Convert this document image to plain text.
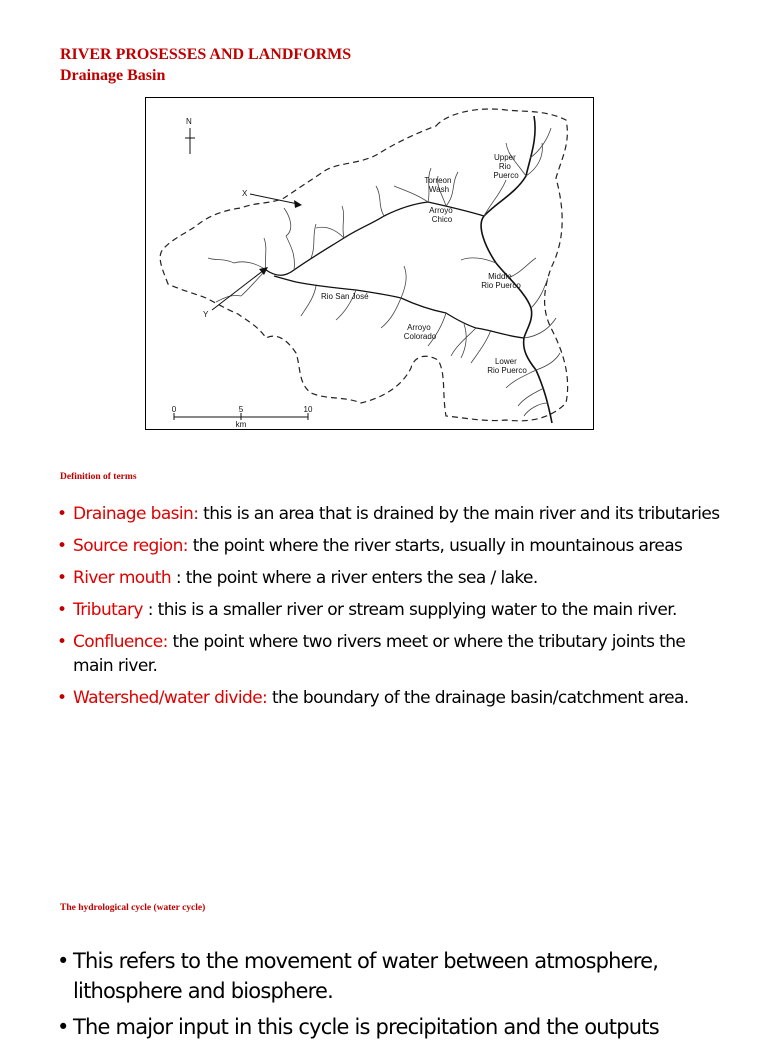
RIVER PROSESSES AND LANDFORMS
Drainage Basin
N
X
Y
Upper Rio Puerco
Torreon Wash
Arroyo Chico
Middle Rio Puerco
Rio San José
Arroyo Colorado
Lower Rio Puerco
0	5	10
km

Definition of terms

• Drainage basin: this is an area that is drained by the main river and its tributaries
• Source region: the point where the river starts, usually in mountainous areas
• River mouth : the point where a river enters the sea / lake.
• Tributary : this is a smaller river or stream supplying water to the main river.
• Confluence: the point where two rivers meet or where the tributary joints the main river.
• Watershed/water divide: the boundary of the drainage basin/catchment area.

The hydrological cycle (water cycle)

• This refers to the movement of water between atmosphere, lithosphere and biosphere.
• The major input in this cycle is precipitation and the outputs
